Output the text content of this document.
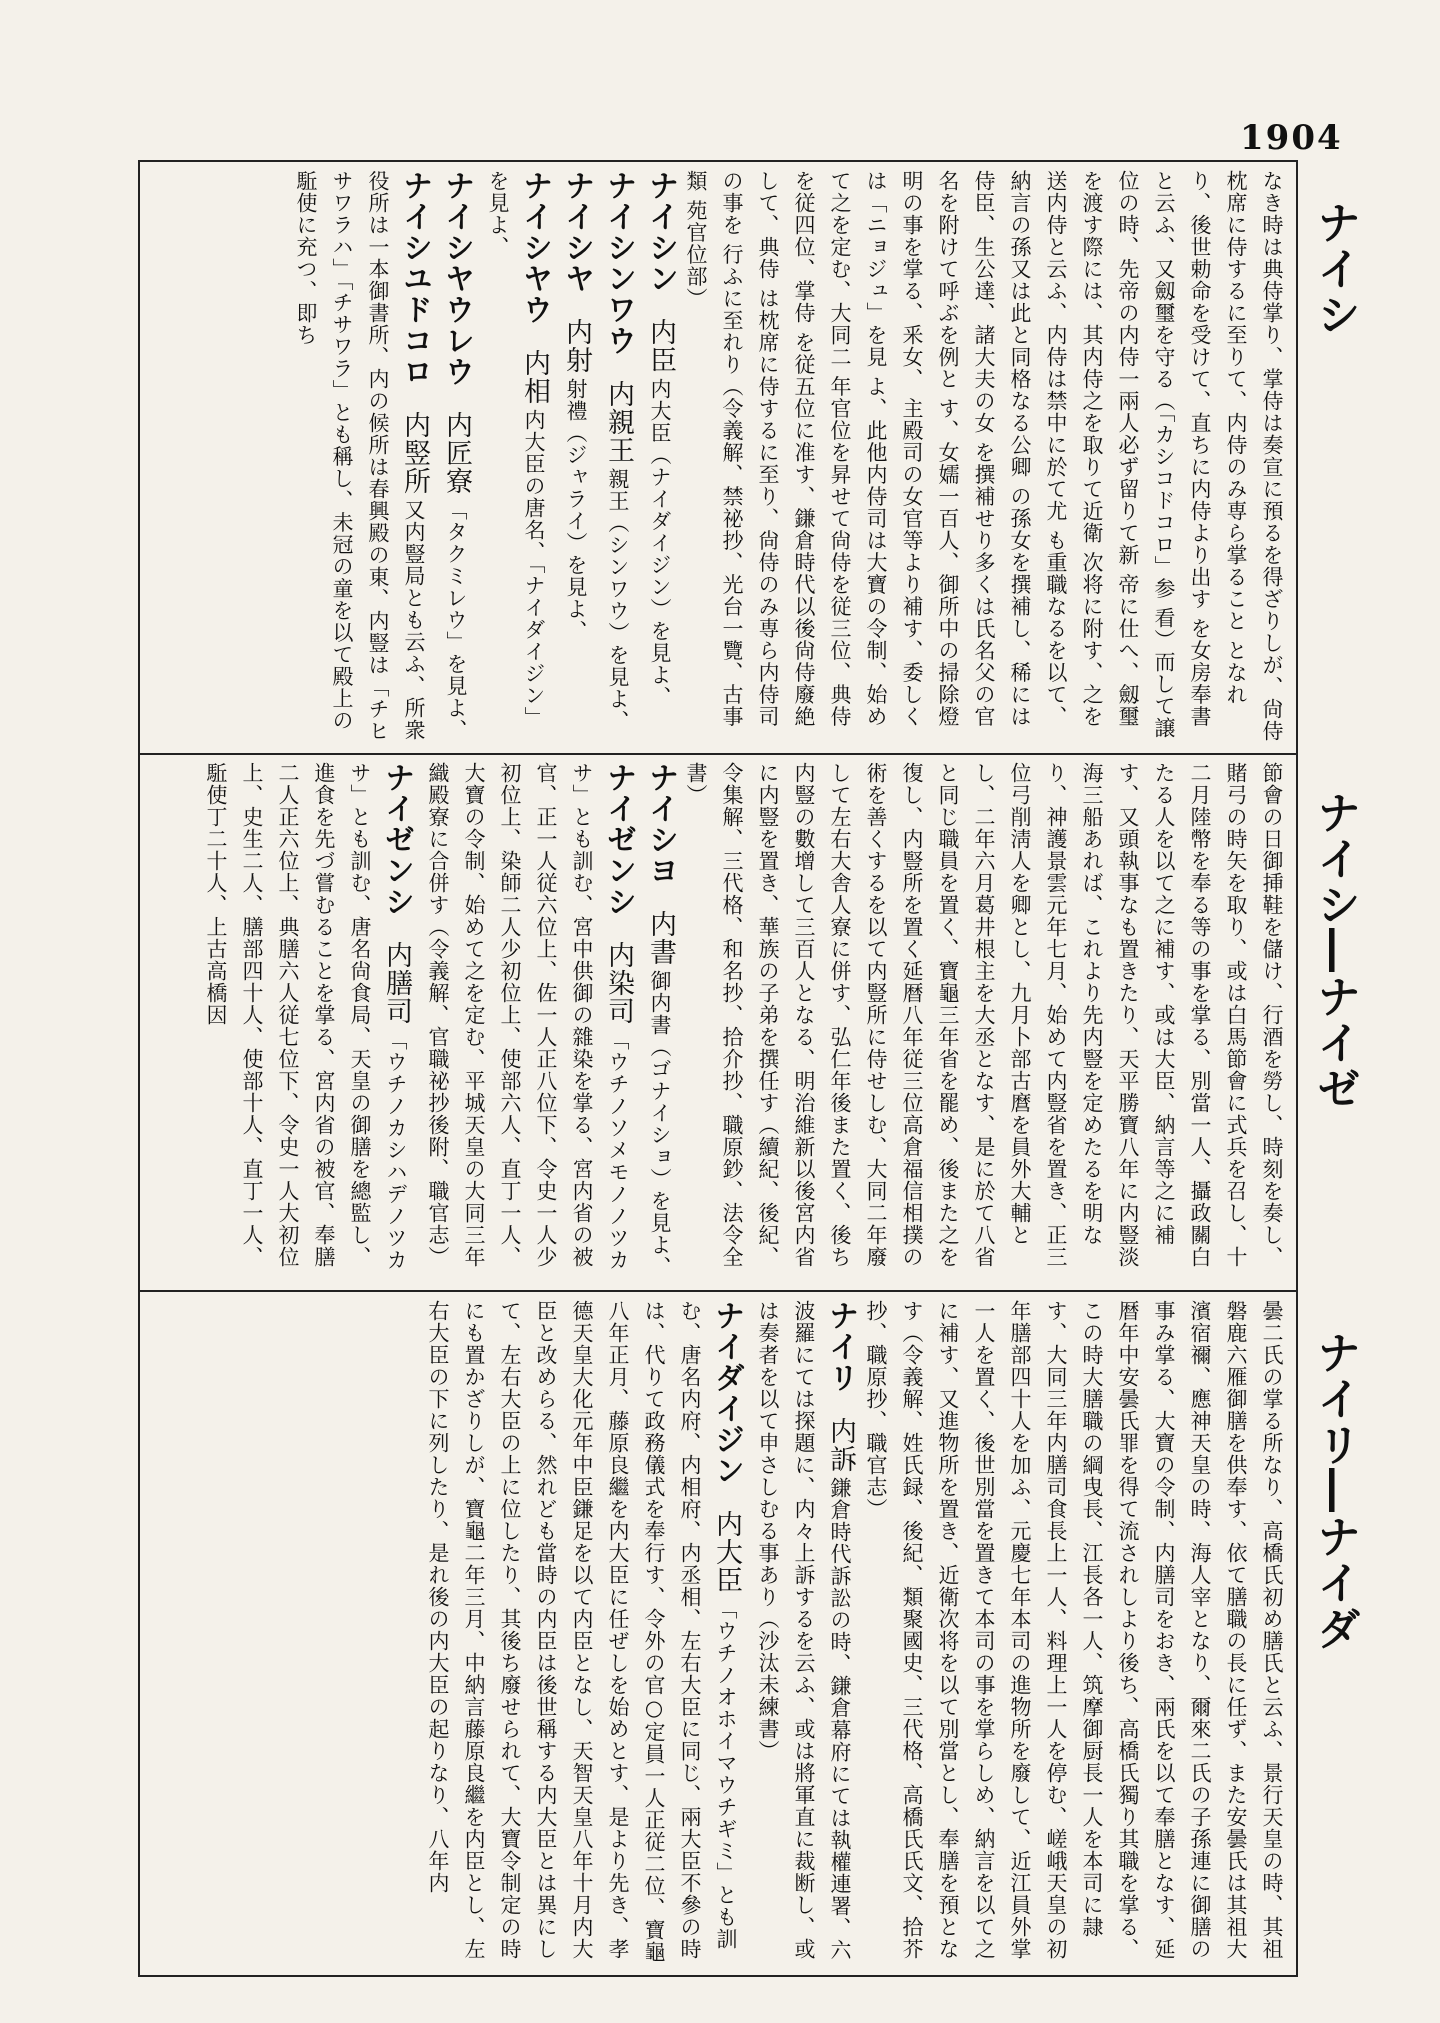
1904
ナイシ
ナイシ―ナイゼ
ナイリ―ナイダ

なき時は典侍掌り、掌侍は奏宣に預るを得ざりしが、尙侍枕席に侍するに至りて、内侍のみ専ら掌ること となれり、後世勅命を受けて、直ちに内侍より出す を女房奉書と云ふ、又劔璽を守る（「カシコドコロ」参 看）而して譲位の時、先帝の内侍一兩人必ず留りて新 帝に仕へ、劔璽を渡す際には、其内侍之を取りて近衛 次将に附す、之を送内侍と云ふ、内侍は禁中に於て尤 も重職なるを以て、納言の孫又は此と同格なる公卿 の孫女を撰補し、稀には侍臣、生公達、諸大夫の女 を撰補せり多くは氏名父の官名を附けて呼ぶを例と す、女嬬一百人、御所中の掃除燈明の事を掌る、釆女、 主殿司の女官等より補す、委しくは「ニョジュ」を見 よ、此他内侍司は大寶の令制、始めて之を定む、大同二 年官位を昇せて尙侍を従三位、典侍を従四位、掌侍 を従五位に准す、鎌倉時代以後尙侍廢絶して、典侍 は枕席に侍するに至り、尙侍のみ専ら内侍司の事を 行ふに至れり（令義解、禁祕抄、光台一覽、古事類 苑官位部）

ナイシン内臣内大臣（ナイダイジン）を見よ、

ナイシンワウ内親王親王（シンワウ）を見よ、

ナイシヤ内射射禮（ジャライ）を見よ、

ナイシヤウ内相内大臣の唐名、「ナイダイジン」を見よ、

ナイシヤウレウ内匠寮「タクミレウ」を見よ、

ナイシユドコロ内竪所又内豎局とも云ふ、所衆役所は一本御書所、内の候所は春興殿の東、内豎は「チヒサワラハ」「チサワラ」とも稱し、未冠の童を以て殿上の駈使に充つ、即ち

節會の日御挿鞋を儲け、行酒を勞し、時刻を奏し、賭弓の時矢を取り、或は白馬節會に式兵を召し、十二月陸幣を奉る等の事を掌る、別當一人、攝政關白たる人を以て之に補す、或は大臣、納言等之に補す、又頭執事なも置きたり、天平勝寶八年に内豎淡海三船あれば、これより先内豎を定めたるを明なり、神護景雲元年七月、始めて内豎省を置き、正三位弓削淸人を卿とし、九月卜部古麿を員外大輔とし、二年六月葛井根主を大丞となす、是に於て八省と同じ職員を置く、寶龜三年省を罷め、後また之を復し、内豎所を置く延暦八年従三位高倉福信相撲の術を善くするを以て内豎所に侍せしむ、大同二年廢して左右大舎人寮に併す、弘仁年後また置く、後ち内豎の數增して三百人となる、明治維新以後宮内省に内豎を置き、華族の子弟を撰任す（續紀、後紀、令集解、三代格、和名抄、拾介抄、職原鈔、法令全書）

ナイシヨ内書御内書（ゴナイショ）を見よ、

ナイゼンシ内染司「ウチノソメモノノツカサ」とも訓む、宮中供御の雜染を掌る、宮内省の被官、正一人従六位上、佐一人正八位下、令史一人少初位上、染師二人少初位上、使部六人、直丁一人、大寶の令制、始めて之を定む、平城天皇の大同三年織殿寮に合併す（令義解、官職祕抄後附、職官志）

ナイゼンシ内膳司「ウチノカシハデノツカサ」とも訓む、唐名尙食局、天皇の御膳を總監し、進食を先づ嘗むることを掌る、宮内省の被官、奉膳二人正六位上、典膳六人従七位下、令史一人大初位上、史生二人、膳部四十人、使部十人、直丁一人、駈使丁二十人、上古高橋因

曇二氏の掌る所なり、高橋氏初め膳氏と云ふ、景行天皇の時、其祖磐鹿六雁御膳を供奉す、依て膳職の長に任ず、また安曇氏は其祖大濱宿禰、應神天皇の時、海人宰となり、爾來二氏の子孫連に御膳の事み掌る、大寶の令制、内膳司をおき、兩氏を以て奉膳となす、延暦年中安曇氏罪を得て流されしより後ち、高橋氏獨り其職を掌る、この時大膳職の綱曳長、江長各一人、筑摩御厨長一人を本司に隷す、大同三年内膳司食長上一人、料理上一人を停む、嵯峨天皇の初年膳部四十人を加ふ、元慶七年本司の進物所を廢して、近江員外掌一人を置く、後世別當を置きて本司の事を掌らしめ、納言を以て之に補す、又進物所を置き、近衛次将を以て別當とし、奉膳を預となす（令義解、姓氏録、後紀、類聚國史、三代格、高橋氏氏文、拾芥抄、職原抄、職官志）

ナイリ内訴鎌倉時代訴訟の時、鎌倉幕府にては執權連署、六波羅にては探題に、内々上訴するを云ふ、或は將軍直に裁断し、或は奏者を以て申さしむる事あり（沙汰未練書）

ナイダイジン内大臣「ウチノオホイマウチギミ」とも訓む、唐名内府、内相府、内丞相、左右大臣に同じ、兩大臣不參の時は、代りて政務儀式を奉行す、令外の官○定員一人正従二位、寶龜八年正月、藤原良繼を内大臣に任ぜしを始めとす、是より先き、孝德天皇大化元年中臣鎌足を以て内臣となし、天智天皇八年十月内大臣と改めらる、然れども當時の内臣は後世稱する内大臣とは異にして、左右大臣の上に位したり、其後ち廢せられて、大寶令制定の時にも置かざりしが、寶龜二年三月、中納言藤原良繼を内臣とし、左右大臣の下に列したり、是れ後の内大臣の起りなり、八年内
